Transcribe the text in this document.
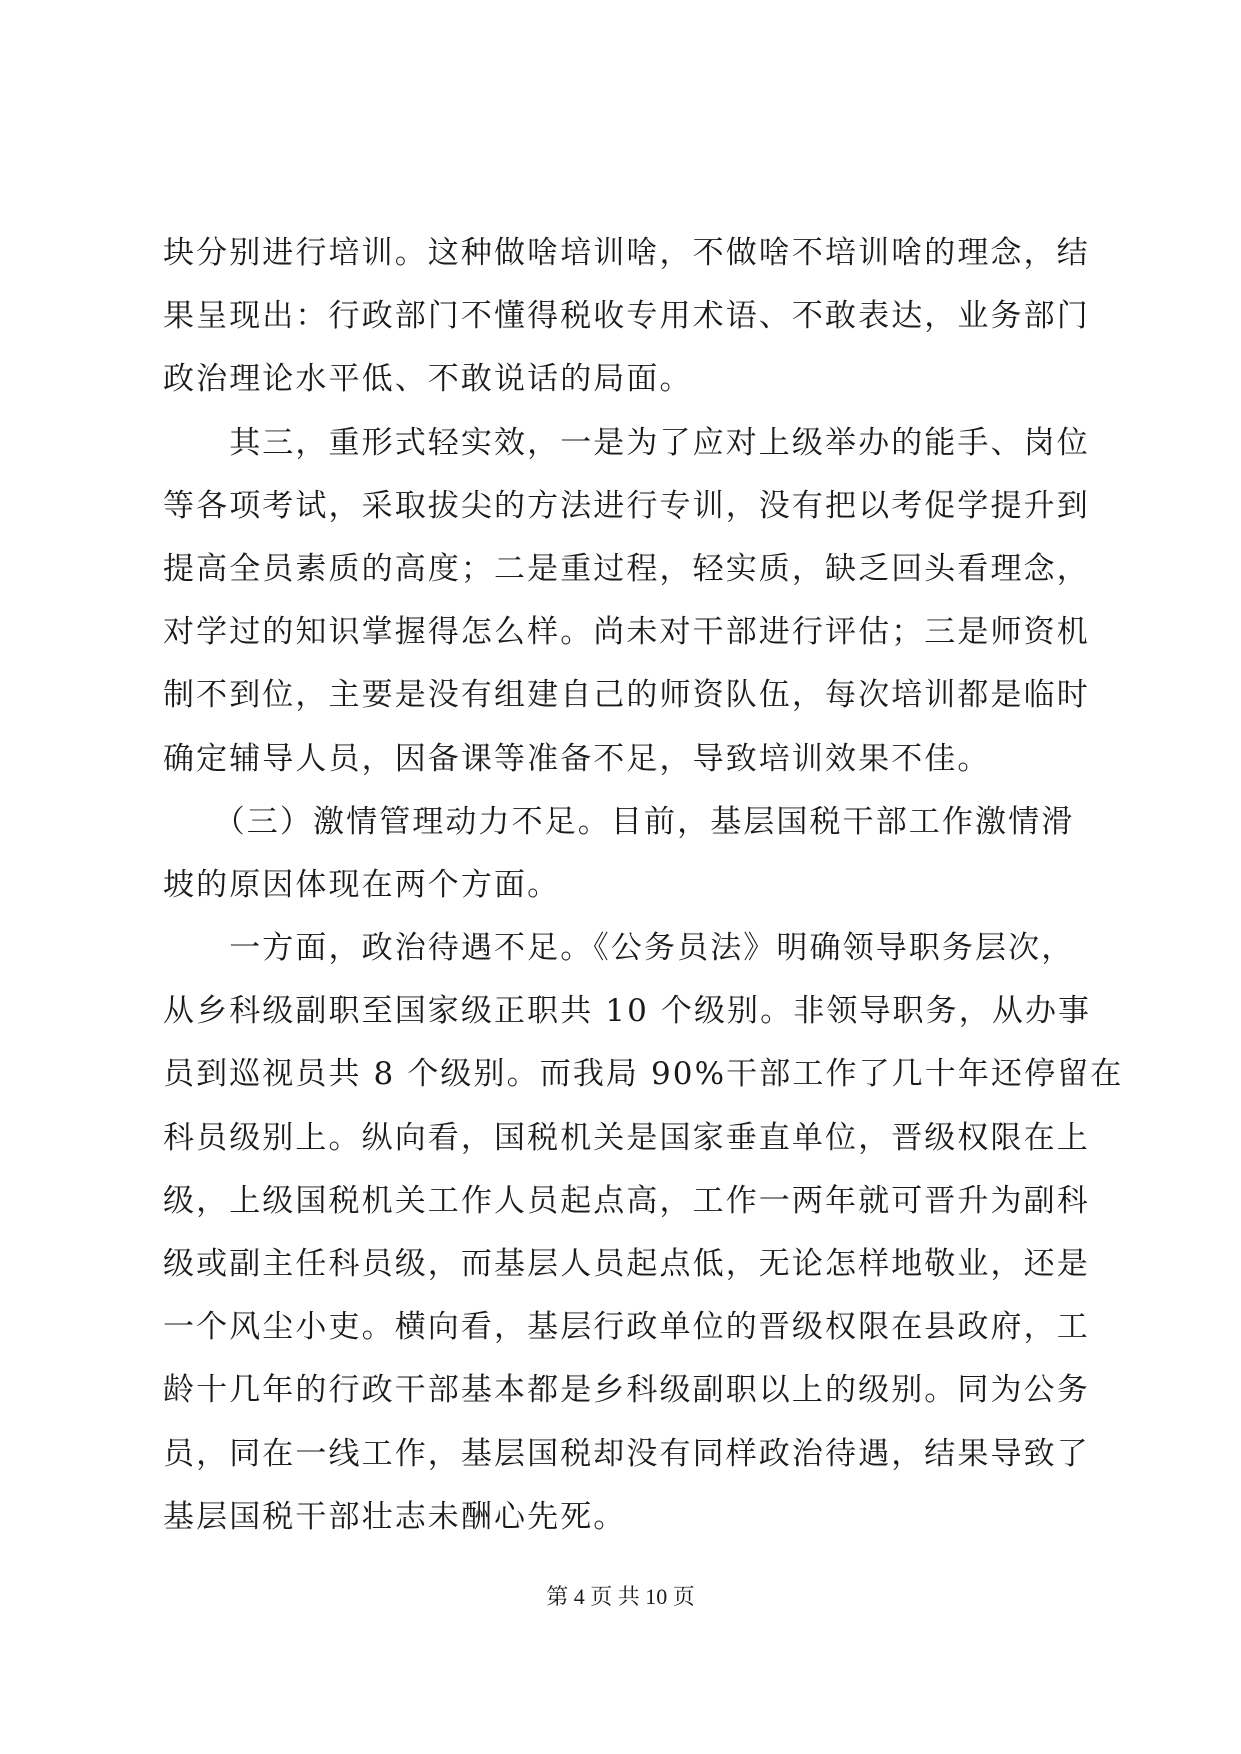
块分别进行培训。这种做啥培训啥，不做啥不培训啥的理念，结
果呈现出：行政部门不懂得税收专用术语、不敢表达，业务部门
政治理论水平低、不敢说话的局面。
　　其三，重形式轻实效，一是为了应对上级举办的能手、岗位
等各项考试，采取拔尖的方法进行专训，没有把以考促学提升到
提高全员素质的高度；二是重过程，轻实质，缺乏回头看理念，
对学过的知识掌握得怎么样。尚未对干部进行评估；三是师资机
制不到位，主要是没有组建自己的师资队伍，每次培训都是临时
确定辅导人员，因备课等准备不足，导致培训效果不佳。
　　（三）激情管理动力不足。目前，基层国税干部工作激情滑
坡的原因体现在两个方面。
　　一方面，政治待遇不足。《公务员法》明确领导职务层次，
从乡科级副职至国家级正职共 10 个级别。非领导职务，从办事
员到巡视员共 8 个级别。而我局 90%干部工作了几十年还停留在
科员级别上。纵向看，国税机关是国家垂直单位，晋级权限在上
级，上级国税机关工作人员起点高，工作一两年就可晋升为副科
级或副主任科员级，而基层人员起点低，无论怎样地敬业，还是
一个风尘小吏。横向看，基层行政单位的晋级权限在县政府，工
龄十几年的行政干部基本都是乡科级副职以上的级别。同为公务
员，同在一线工作，基层国税却没有同样政治待遇，结果导致了
基层国税干部壮志未酬心先死。
第 4 页 共 10 页
